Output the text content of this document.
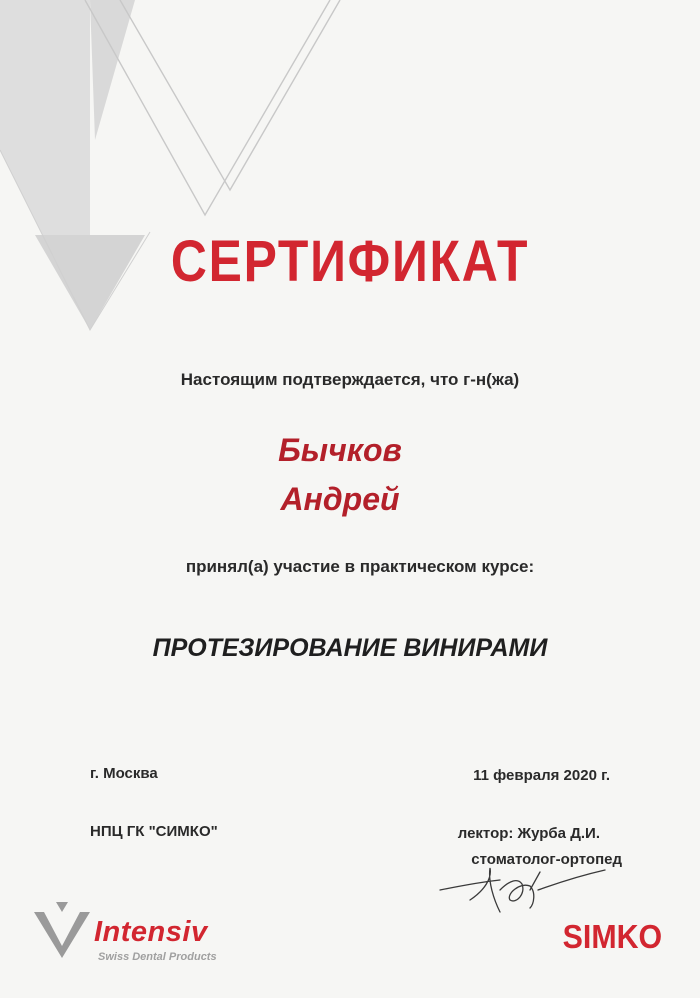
СЕРТИФИКАТ
Настоящим подтверждается, что г-н(жа)
Бычков
Андрей
принял(а) участие в практическом курсе:
ПРОТЕЗИРОВАНИЕ ВИНИРАМИ
г. Москва	11 февраля 2020 г.
НПЦ ГК "СИМКО"	лектор: Журба Д.И.
стоматолог-ортопед
Intensiv
Swiss Dental Products
SIMKO
